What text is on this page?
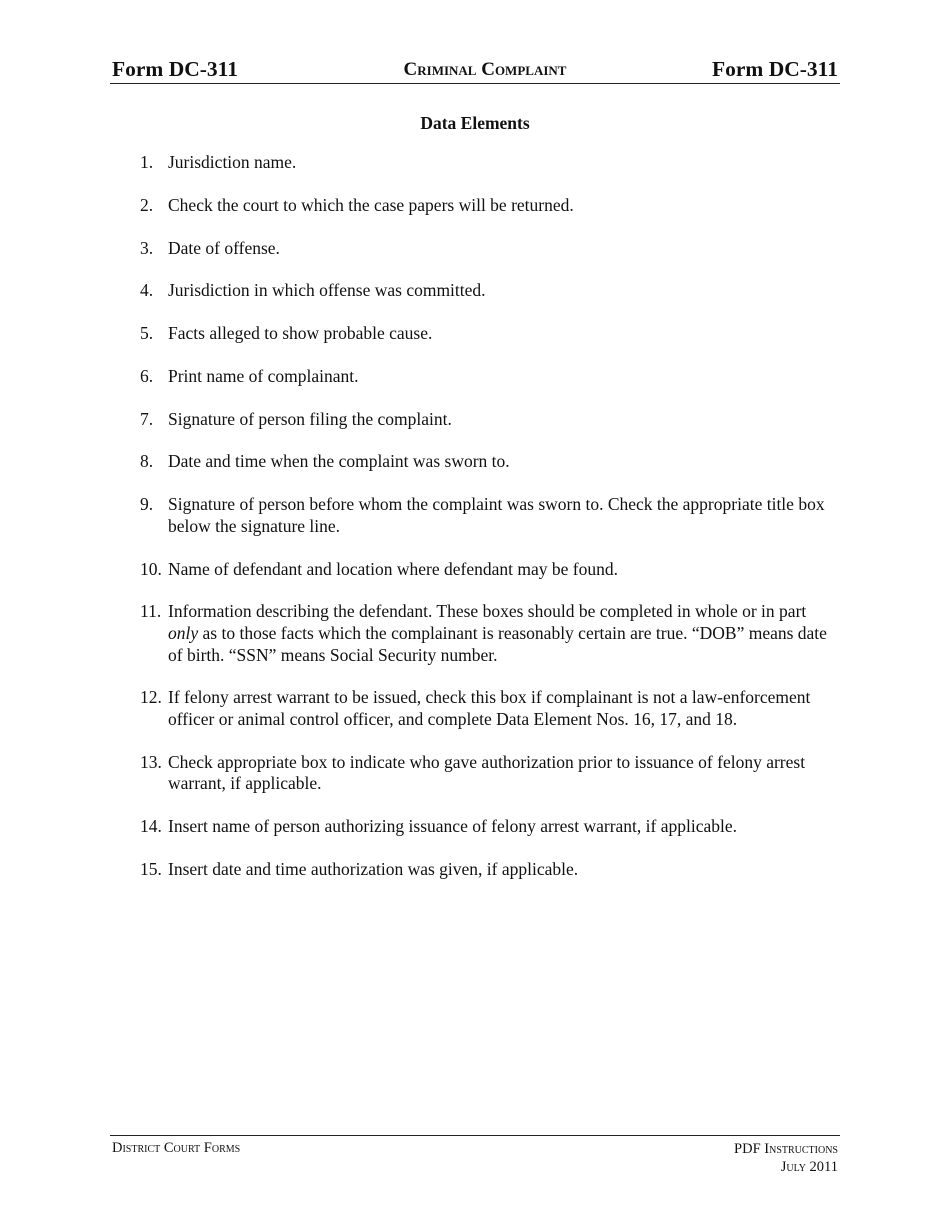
Form DC-311	Criminal Complaint	Form DC-311
Data Elements
1. Jurisdiction name.
2. Check the court to which the case papers will be returned.
3. Date of offense.
4. Jurisdiction in which offense was committed.
5. Facts alleged to show probable cause.
6. Print name of complainant.
7. Signature of person filing the complaint.
8. Date and time when the complaint was sworn to.
9. Signature of person before whom the complaint was sworn to. Check the appropriate title box below the signature line.
10. Name of defendant and location where defendant may be found.
11. Information describing the defendant. These boxes should be completed in whole or in part only as to those facts which the complainant is reasonably certain are true. “DOB” means date of birth. “SSN” means Social Security number.
12. If felony arrest warrant to be issued, check this box if complainant is not a law-enforcement officer or animal control officer, and complete Data Element Nos. 16, 17, and 18.
13. Check appropriate box to indicate who gave authorization prior to issuance of felony arrest warrant, if applicable.
14. Insert name of person authorizing issuance of felony arrest warrant, if applicable.
15. Insert date and time authorization was given, if applicable.
District Court Forms	PDF Instructions
July 2011
